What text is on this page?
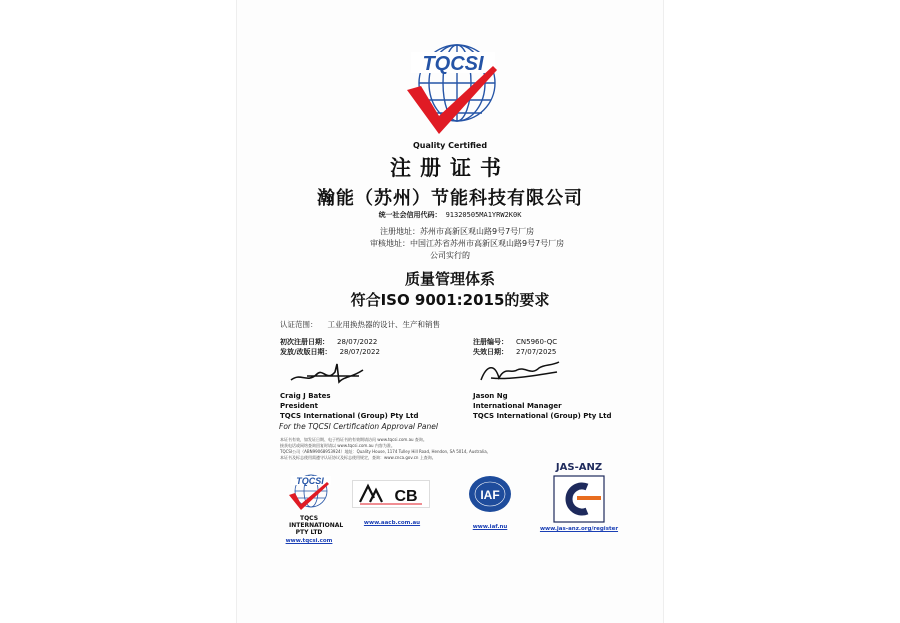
TQCSI
Quality Certified
注册证书
瀚能（苏州）节能科技有限公司
统一社会信用代码： 91320505MA1YRW2K0K
注册地址：苏州市高新区观山路9号7号厂房
审核地址：中国江苏省苏州市高新区观山路9号7号厂房
公司实行的
质量管理体系
符合ISO 9001:2015的要求
认证范围： 工业用换热器的设计、生产和销售
初次注册日期： 28/07/2022
发放/改版日期： 28/07/2022
注册编号： CN5960-QC
失效日期： 27/07/2025
Craig J Bates
President
TQCS International (Group) Pty Ltd
Jason Ng
International Manager
TQCS International (Group) Pty Ltd
For the TQCSI Certification Approval Panel
本证书有效，如发证日期、电子档证书的有效期请访问 www.tqcsi.com.au 查询。
接获电话或网络查询回复时请以 www.tqcsi.com.au 内容为准。
TQCSI公司（ABN99068953924）地址：Quality House, 1174 Tulley Hill Road, Hendon, SA 5014, Australia。
本证书及标志使用需遵守认证协议及标志使用规定，查询：www.cnca.gov.cn 上查询。
TQCSI
TQCS INTERNATIONAL PTY LTD
www.tqcsi.com
CB
www.aacb.com.au
IAF
www.iaf.nu
JAS-ANZ
www.jas-anz.org/register
